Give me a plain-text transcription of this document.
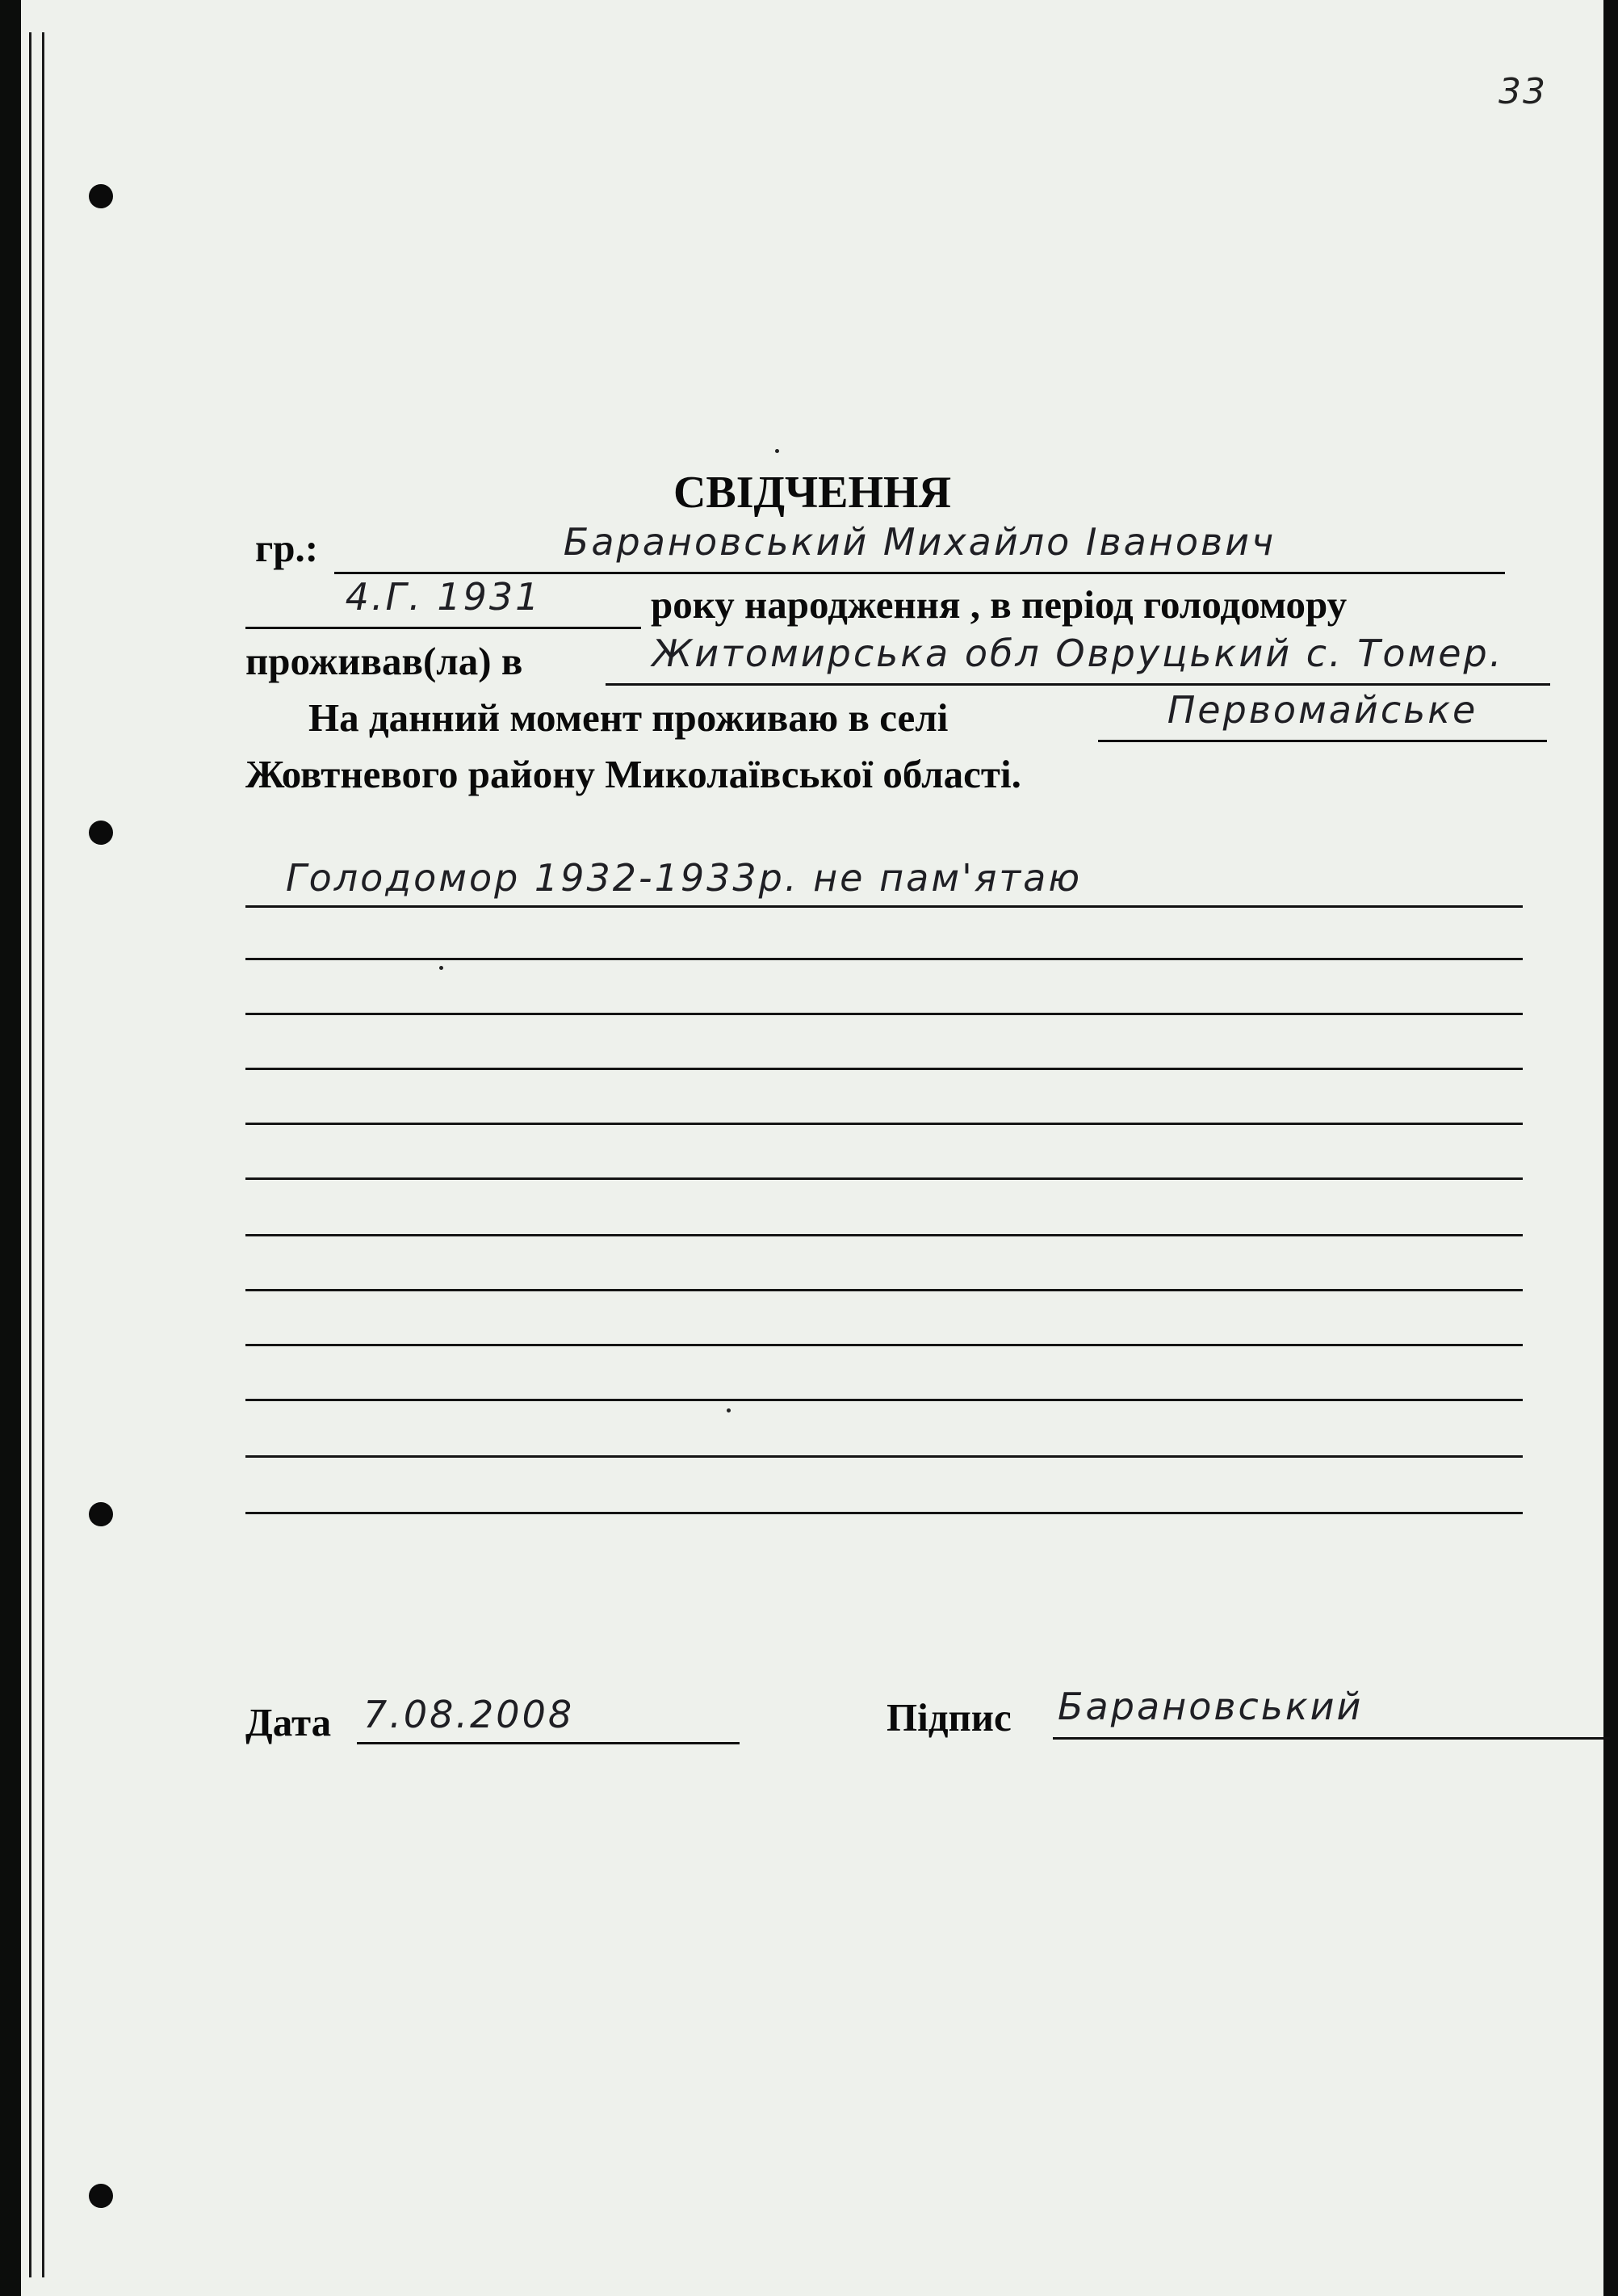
33
СВІДЧЕННЯ
гр.:	Барановський Михайло Іванович
4.Г. 1931	року народження , в період голодомору
проживав(ла) в	Житомирська обл Овруцький с. Томер.
На данний момент проживаю в селі	Первомайське
Жовтневого району Миколаївської області.
Голодомор 1932-1933р. не пам'ятаю
Дата 7.08.2008	Підпис Барановський
